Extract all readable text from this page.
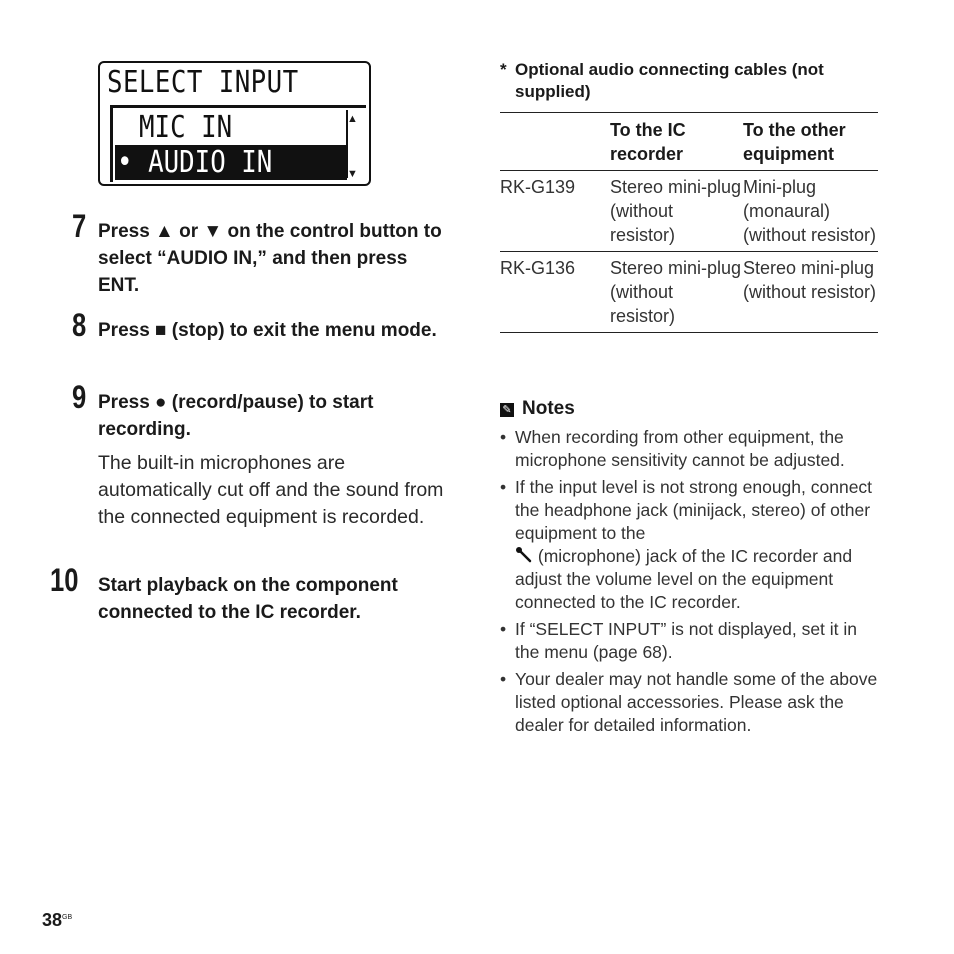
SELECT INPUT
MIC IN
• AUDIO IN
▲
▼
7 Press ▲ or ▼ on the control button to select “AUDIO IN,” and then press ENT.
8 Press ■ (stop) to exit the menu mode.
9 Press ● (record/pause) to start recording.
The built-in microphones are automatically cut off and the sound from the connected equipment is recorded.
10 Start playback on the component connected to the IC recorder.
* Optional audio connecting cables (not supplied)
	To the IC recorder	To the other equipment
RK-G139	Stereo mini-plug (without resistor)	Mini-plug (monaural) (without resistor)
RK-G136	Stereo mini-plug (without resistor)	Stereo mini-plug (without resistor)
✎ Notes
• When recording from other equipment, the microphone sensitivity cannot be adjusted.
• If the input level is not strong enough, connect the headphone jack (minijack, stereo) of other equipment to the
(microphone) jack of the IC recorder and adjust the volume level on the equipment connected to the IC recorder.
• If “SELECT INPUT” is not displayed, set it in the menu (page 68).
• Your dealer may not handle some of the above listed optional accessories. Please ask the dealer for detailed information.
$38^{GB}$
